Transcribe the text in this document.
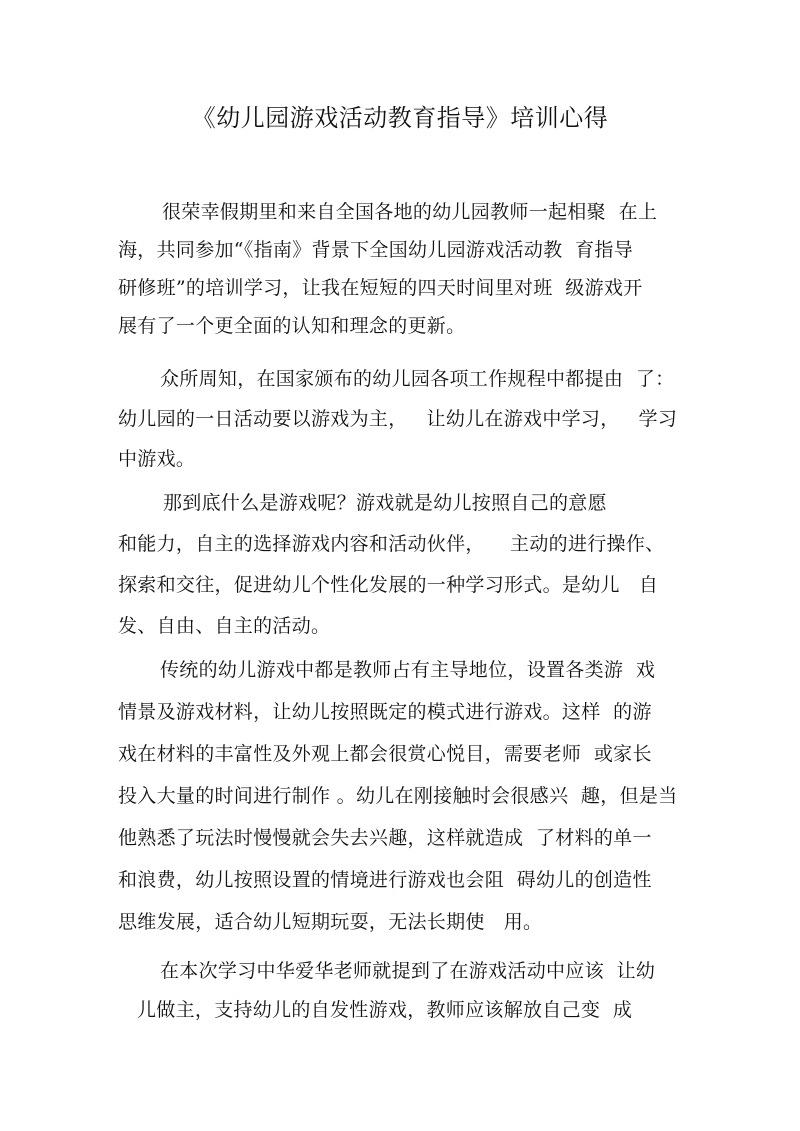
《幼儿园游戏活动教育指导》培训心得
很荣幸假期里和来自全国各地的幼儿园教师一起相聚  在上
海，共同参加“《指南》背景下全国幼儿园游戏活动教  育指导
研修班”的培训学习，让我在短短的四天时间里对班  级游戏开
展有了一个更全面的认知和理念的更新。
众所周知，在国家颁布的幼儿园各项工作规程中都提由  了：
幼儿园的一日活动要以游戏为主，   让幼儿在游戏中学习，   学习
中游戏。
那到底什么是游戏呢？游戏就是幼儿按照自己的意愿
和能力，自主的选择游戏内容和活动伙伴，    主动的进行操作、
探索和交往，促进幼儿个性化发展的一种学习形式。是幼儿   自
发、自由、自主的活动。
传统的幼儿游戏中都是教师占有主导地位，设置各类游  戏
情景及游戏材料，让幼儿按照既定的模式进行游戏。这样  的游
戏在材料的丰富性及外观上都会很赏心悦目，需要老师  或家长
投入大量的时间进行制作 。幼儿在刚接触时会很感兴  趣，但是当
他熟悉了玩法时慢慢就会失去兴趣，这样就造成  了材料的单一
和浪费，幼儿按照设置的情境进行游戏也会阻  碍幼儿的创造性
思维发展，适合幼儿短期玩耍，无法长期使   用。
在本次学习中华爱华老师就提到了在游戏活动中应该  让幼
儿做主，支持幼儿的自发性游戏，教师应该解放自己变  成
